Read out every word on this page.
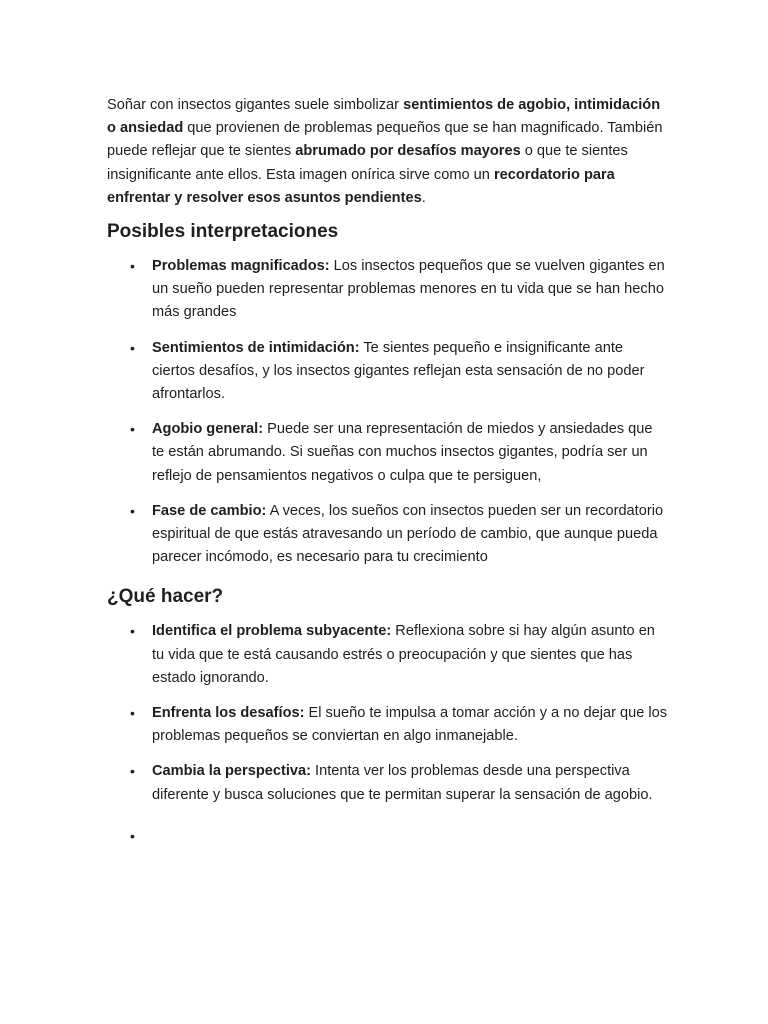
Soñar con insectos gigantes suele simbolizar sentimientos de agobio, intimidación o ansiedad que provienen de problemas pequeños que se han magnificado. También puede reflejar que te sientes abrumado por desafíos mayores o que te sientes insignificante ante ellos. Esta imagen onírica sirve como un recordatorio para enfrentar y resolver esos asuntos pendientes.

Posibles interpretaciones
• Problemas magnificados: Los insectos pequeños que se vuelven gigantes en un sueño pueden representar problemas menores en tu vida que se han hecho más grandes
• Sentimientos de intimidación: Te sientes pequeño e insignificante ante ciertos desafíos, y los insectos gigantes reflejan esta sensación de no poder afrontarlos.
• Agobio general: Puede ser una representación de miedos y ansiedades que te están abrumando. Si sueñas con muchos insectos gigantes, podría ser un reflejo de pensamientos negativos o culpa que te persiguen,
• Fase de cambio: A veces, los sueños con insectos pueden ser un recordatorio espiritual de que estás atravesando un período de cambio, que aunque pueda parecer incómodo, es necesario para tu crecimiento
¿Qué hacer?
• Identifica el problema subyacente: Reflexiona sobre si hay algún asunto en tu vida que te está causando estrés o preocupación y que sientes que has estado ignorando.
• Enfrenta los desafíos: El sueño te impulsa a tomar acción y a no dejar que los problemas pequeños se conviertan en algo inmanejable.
• Cambia la perspectiva: Intenta ver los problemas desde una perspectiva diferente y busca soluciones que te permitan superar la sensación de agobio.
•
